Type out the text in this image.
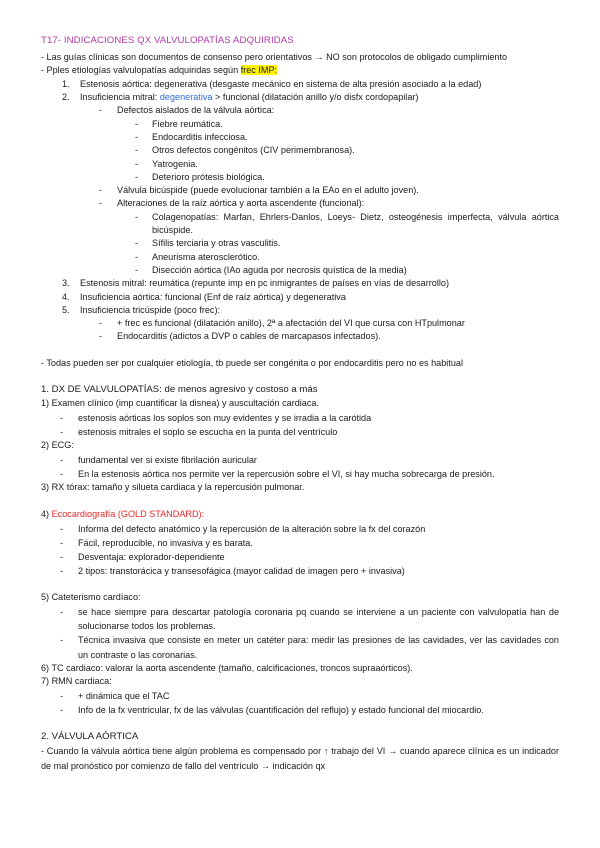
T17- INDICACIONES QX VALVULOPATÍAS ADQUIRIDAS

- Las guías clínicas son documentos de consenso pero orientativos → NO son protocolos de obligado cumplimiento

- Pples etiologías valvulopatías adquiridas según frec IMP:

1. Estenosis aórtica: degenerativa (desgaste mecánico en sistema de alta presión asociado a la edad)
2. Insuficiencia mitral: degenerativa > funcional (dilatación anillo y/o disfx cordopapilar)
- Defectos aislados de la válvula aórtica:
- Fiebre reumática.
- Endocarditis infecciosa.
- Otros defectos congénitos (CIV perimembranosa).
- Yatrogenia.
- Deterioro prótesis biológica.
- Válvula bicúspide (puede evolucionar también a la EAo en el adulto joven).
- Alteraciones de la raíz aórtica y aorta ascendente (funcional):
- Colagenopatías: Marfan, Ehrlers-Danlos, Loeys- Dietz, osteogénesis imperfecta, válvula aórtica bicúspide.
- Sífilis terciaria y otras vasculitis.
- Aneurisma aterosclerótico.
- Disección aórtica (IAo aguda por necrosis quística de la media)
3. Estenosis mitral: reumática (repunte imp en pc inmigrantes de países en vías de desarrollo)
4. Insuficiencia aórtica: funcional (Enf de raíz aórtica) y degenerativa
5. Insuficiencia tricúspide (poco frec):
- + frec es funcional (dilatación anillo), 2ª a afectación del VI que cursa con HTpulmonar
- Endocarditis (adictos a DVP o cables de marcapasos infectados).

- Todas pueden ser por cualquier etiología, tb puede ser congénita o por endocarditis pero no es habitual

1. DX DE VALVULOPATÍAS: de menos agresivo y costoso a más

1) Examen clínico (imp cuantificar la disnea) y auscultación cardiaca.

- estenosis aórticas los soplos son muy evidentes y se irradia a la carótida
- estenosis mitrales el soplo se escucha en la punta del ventrículo

2) ECG:

- fundamental ver si existe fibrilación auricular
- En la estenosis aórtica nos permite ver la repercusión sobre el VI, si hay mucha sobrecarga de presión.

3) RX tórax: tamaño y silueta cardiaca y la repercusión pulmonar.

4) Ecocardiografía (GOLD STANDARD):

- Informa del defecto anatómico y la repercusión de la alteración sobre la fx del corazón
- Fácil, reproducible, no invasiva y es barata.
- Desventaja: explorador-dependiente
- 2 tipos: transtorácica y transesofágica (mayor calidad de imagen pero + invasiva)

5) Cateterismo cardíaco:

- se hace siempre para descartar patología coronaria pq cuando se interviene a un paciente con valvulopatía han de solucionarse todos los problemas.
- Técnica invasiva que consiste en meter un catéter para: medir las presiones de las cavidades, ver las cavidades con un contraste o las coronarias.

6) TC cardiaco: valorar la aorta ascendente (tamaño, calcificaciones, troncos supraaórticos).

7) RMN cardiaca:

- + dinámica que el TAC
- Info de la fx ventricular, fx de las válvulas (cuantificación del reflujo) y estado funcional del miocardio.

2. VÁLVULA AÓRTICA

- Cuando la válvula aórtica tiene algún problema es compensado por ↑ trabajo del VI → cuando aparece clínica es un indicador de mal pronóstico por comienzo de fallo del ventrículo → indicación qx
